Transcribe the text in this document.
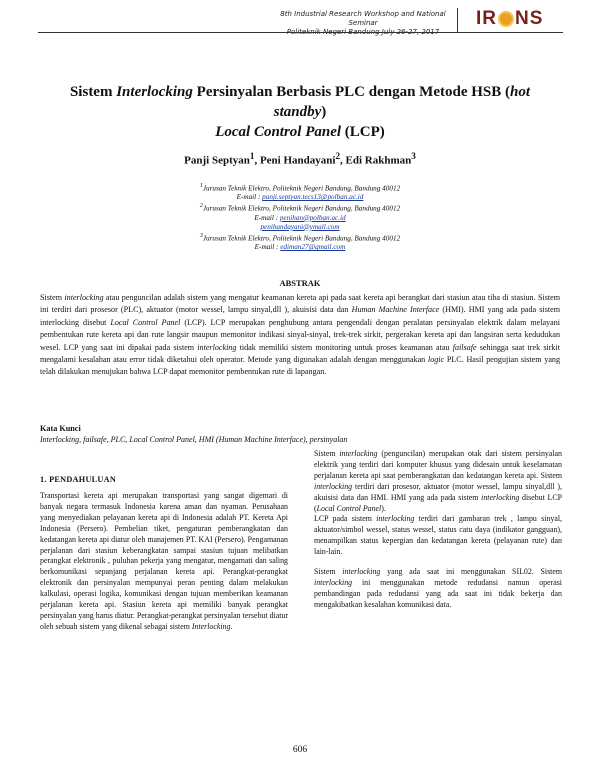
8th Industrial Research Workshop and National Seminar
Politeknik Negeri Bandung July 26-27, 2017
IR NS
Sistem Interlocking Persinyalan Berbasis PLC dengan Metode HSB (hot
standby)
Local Control Panel (LCP)
Panji Septyan$^1$, Peni Handayani$^2$, Edi Rakhman$^3$
$^1$Jurusan Teknik Elektro, Politeknik Negeri Bandung, Bandung 40012
E-mail : panji.septyan.tecs13@polban.ac.id
$^2$Jurusan Teknik Elektro, Politeknik Negeri Bandung, Bandung 40012
E-mail : penihan@polban.ac.id
penihandayani@ymail.com
$^3$Jurusan Teknik Elektro, Politeknik Negeri Bandung, Bandung 40012
E-mail : ediman27@gmail.com
ABSTRAK
Sistem interlocking atau penguncilan adalah sistem yang mengatur keamanan kereta api pada saat kereta api berangkat dari stasiun atau tiba di stasiun. Sistem ini terdiri dari prosesor (PLC), aktuator (motor wessel, lampu sinyal,dll ), akuisisi data dan Human Machine Interface (HMI). HMI yang ada pada sistem interlocking disebut Local Control Panel (LCP). LCP merupakan penghubung antara pengendali dengan peralatan persinyalan elektrik dalam melayani pembentukan rute kereta api dan rute langsir maupun memonitor indikasi sinyal-sinyal, trek-trek sirkit, pergerakan kereta api dan langsiran serta kedudukan wesel. LCP yang saat ini dipakai pada sistem interlocking tidak memiliki sistem monitoring untuk proses keamanan atau failsafe sehingga saat trek sirkit mengalami kesalahan atau error tidak diketahui oleh operator. Metode yang digunakan adalah dengan menggunakan logic PLC. Hasil pengujian sistem yang telah dilakukan menujukan bahwa LCP dapat memonitor pembentukan rute di lapangan.
Kata Kunci
Interlocking, failsafe, PLC, Local Control Panel, HMI (Human Machine Interface), persinyalan
1. PENDAHULUAN

Transportasi kereta api merupakan transportasi yang sangat digemari di banyak negara termasuk Indonesia karena aman dan nyaman. Perusahaan yang menyediakan pelayanan kereta api di Indonesia adalah PT. Kereta Api Indonesia (Persero). Pembelian tiket, pengaturan pemberangkatan dan kedatangan kereta api diatur oleh manajemen PT. KAI (Persero). Pengamanan perjalanan dari stasiun keberangkatan sampai stasiun tujuan melibatkan perangkat elektronik , puluhan pekerja yang mengatur, mengamati dan saling berkomunikasi sepanjang perjalanan kereta api. Perangkat-perangkat elektronik dan persinyalan mempunyai peran penting dalam melakukan kalkulasi, operasi logika, komunikasi dengan tujuan memberikan keamanan perjalanan kereta api. Stasiun kereta api memiliki banyak perangkat persinyalan yang harus diatur. Perangkat-perangkat persinyalan tersebut diatur oleh sebuah sistem yang dikenal sebagai sistem Interlocking.

Sistem interlocking (penguncilan) merupakan otak dari sistem persinyalan elektrik yang terdiri dari komputer khusus yang didesain untuk keselamatan perjalanan kereta api saat pemberangkatan dan kedatangan kereta api. Sistem interlocking terdiri dari prosesor, aktuator (motor wessel, lampu sinyal,dll ), akuisisi data dan HMI. HMI yang ada pada sistem interlocking disebut LCP (Local Control Panel).

LCP pada sistem interlocking terdiri dari gambaran trek , lampu sinyal, aktuator/simbol wessel, status wessel, status catu daya (indikator gangguan), menampilkan status kepergian dan kedatangan kereta (pelayanan rute) dan lain-lain.

Sistem interlocking yang ada saat ini menggunakan SIL02. Sistem interlocking ini menggunakan metode redudansi namun operasi pembandingan pada redudansi yang ada saat ini tidak bekerja dan mengakibatkan kesalahan komunikasi data.

606
